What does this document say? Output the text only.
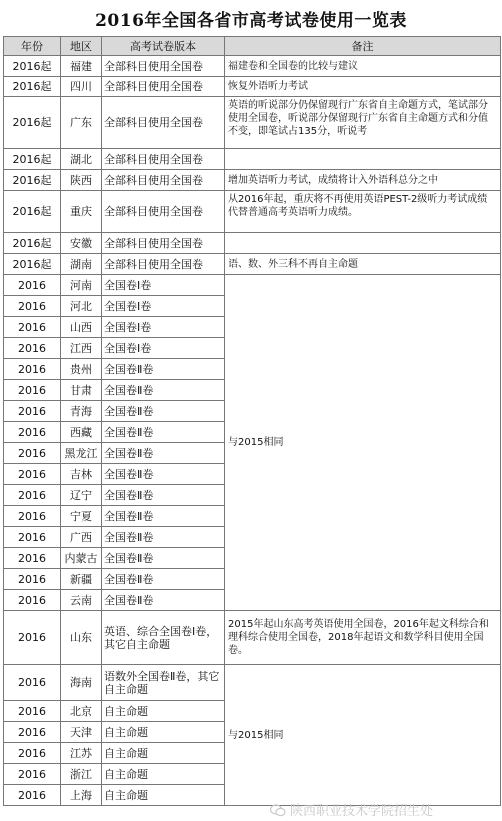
2016年全国各省市高考试卷使用一览表
年份	地区	高考试卷版本	备注
2016起	福建	全部科目使用全国卷	福建卷和全国卷的比较与建议
2016起	四川	全部科目使用全国卷	恢复外语听力考试
2016起	广东	全部科目使用全国卷	英语的听说部分仍保留现行广东省自主命题方式，笔试部分使用全国卷，听说部分保留现行广东省自主命题方式和分值不变，即笔试占135分，听说考

2016起	湖北	全部科目使用全国卷	
2016起	陕西	全部科目使用全国卷	增加英语听力考试，成绩将计入外语科总分之中
2016起	重庆	全部科目使用全国卷	从2016年起，重庆将不再使用英语PEST-2级听力考试成绩代替普通高考英语听力成绩。
2016起	安徽	全部科目使用全国卷	
2016起	湖南	全部科目使用全国卷	语、数、外三科不再自主命题
2016	河南	全国卷Ⅰ卷	与2015相同
2016	河北	全国卷Ⅰ卷	
2016	山西	全国卷Ⅰ卷	
2016	江西	全国卷Ⅰ卷	
2016	贵州	全国卷Ⅱ卷	
2016	甘肃	全国卷Ⅱ卷	
2016	青海	全国卷Ⅱ卷	
2016	西藏	全国卷Ⅱ卷	
2016	黑龙江	全国卷Ⅱ卷	
2016	吉林	全国卷Ⅱ卷	
2016	辽宁	全国卷Ⅱ卷	
2016	宁夏	全国卷Ⅱ卷	
2016	广西	全国卷Ⅱ卷	
2016	内蒙古	全国卷Ⅱ卷	
2016	新疆	全国卷Ⅱ卷	
2016	云南	全国卷Ⅱ卷	
2016	山东	英语、综合全国卷Ⅰ卷，其它自主命题	2015年起山东高考英语使用全国卷，2016年起文科综合和理科综合使用全国卷，2018年起语文和数学科目使用全国卷。
2016	海南	语数外全国卷Ⅱ卷，其它自主命题	与2015相同
2016	北京	自主命题	
2016	天津	自主命题	
2016	江苏	自主命题	
2016	浙江	自主命题	
2016	上海	自主命题	
陕西职业技术学院招生处
